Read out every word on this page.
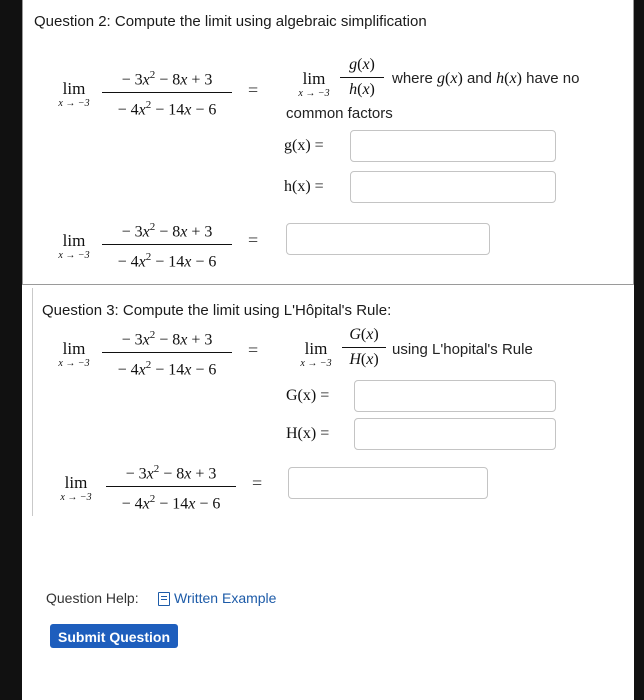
Question 2: Compute the limit using algebraic simplification
lim
x → −3
− $3x^2 - 8x + 3$
− $4x^2 - 14x - 6$
=
lim
x → −3
g(x)
h(x)
where g(x) and h(x) have no
common factors
g(x) =
h(x) =
lim
x → −3
− $3x^2 - 8x + 3$
− $4x^2 - 14x - 6$
=
Question 3: Compute the limit using L'Hôpital's Rule:
lim
x → −3
− $3x^2 - 8x + 3$
− $4x^2 - 14x - 6$
=	lim
x → −3
G(x)
H(x)
using L'hopital's Rule
G(x) =
H(x) =
lim
x → −3
− $3x^2 - 8x + 3$
− $4x^2 - 14x - 6$
=
Question Help:	Written Example
Submit Question
